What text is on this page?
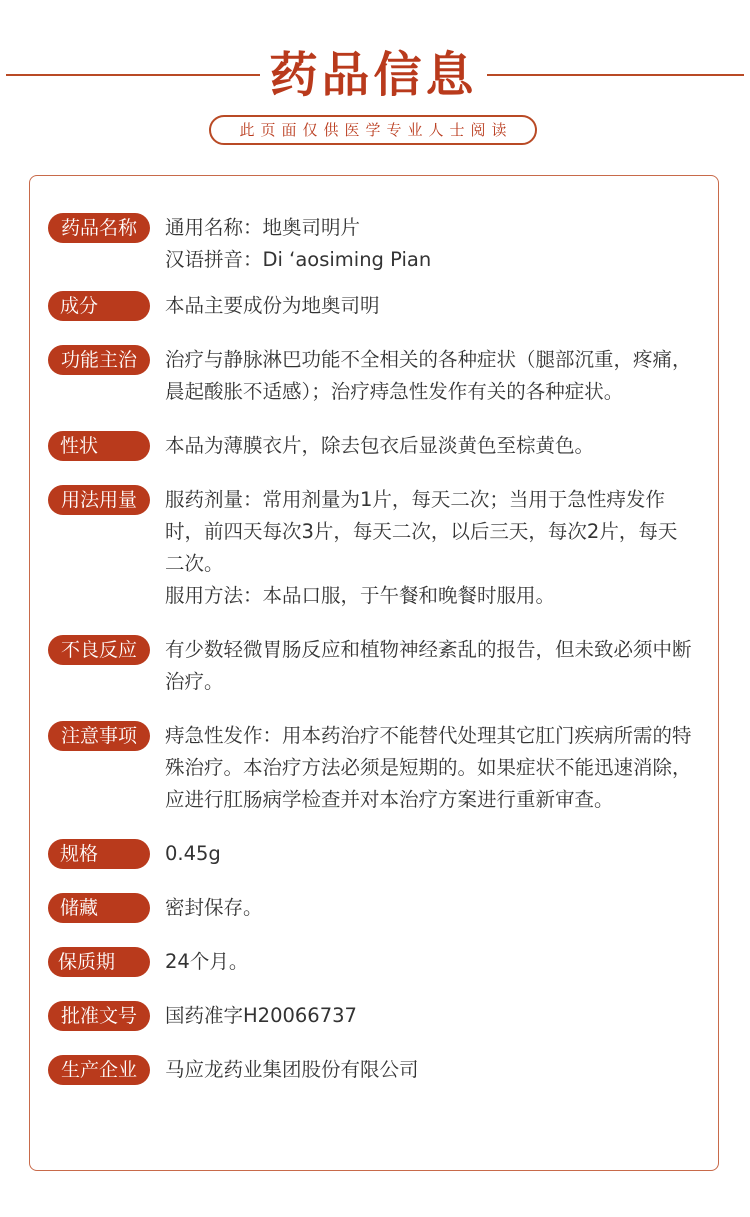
药品信息
此页面仅供医学专业人士阅读
药品名称	通用名称：地奥司明片

汉语拼音：Di ‘aosiming Pian

成分	本品主要成份为地奥司明

功能主治	治疗与静脉淋巴功能不全相关的各种症状（腿部沉重，疼痛，晨起酸胀不适感）；治疗痔急性发作有关的各种症状。

性状	本品为薄膜衣片，除去包衣后显淡黄色至棕黄色。

用法用量	服药剂量：常用剂量为1片，每天二次；当用于急性痔发作时，前四天每次3片，每天二次，以后三天，每次2片，每天二次。

服用方法：本品口服，于午餐和晚餐时服用。

不良反应	有少数轻微胃肠反应和植物神经紊乱的报告，但未致必须中断治疗。

注意事项	痔急性发作：用本药治疗不能替代处理其它肛门疾病所需的特殊治疗。本治疗方法必须是短期的。如果症状不能迅速消除，应进行肛肠病学检查并对本治疗方案进行重新审查。

规格	0.45g

储藏	密封保存。

保质期	24个月。

批准文号	国药准字H20066737

生产企业	马应龙药业集团股份有限公司
